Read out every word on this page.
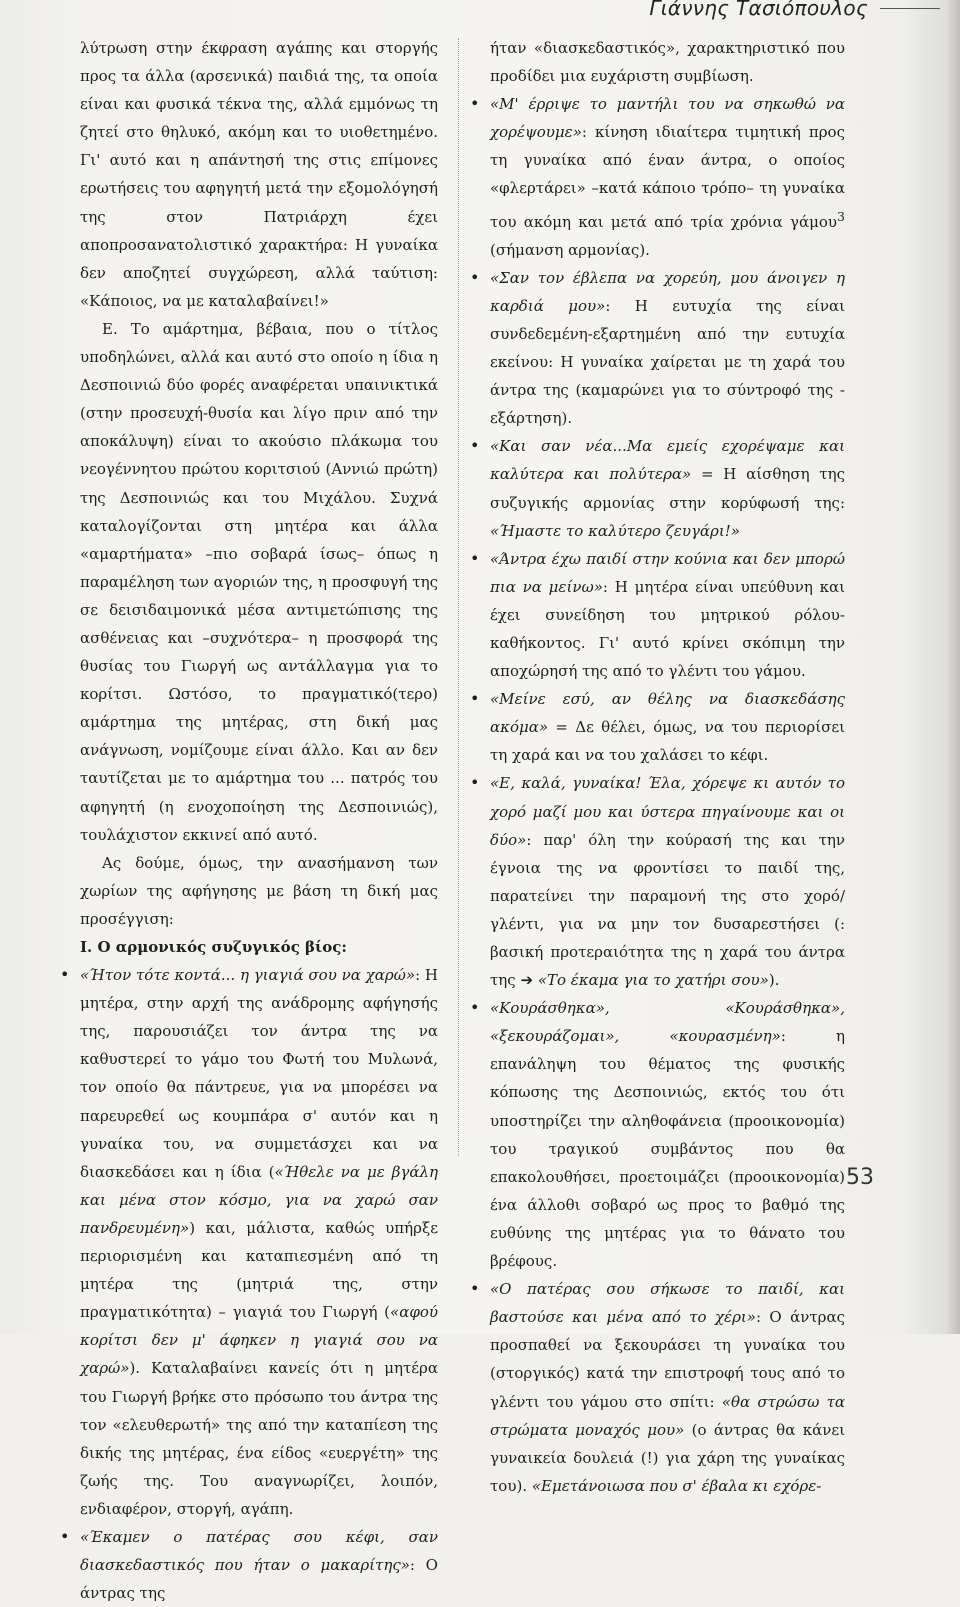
Γιάννης Τασιόπουλος

λύτρωση στην έκφραση αγάπης και στοργής προς τα άλλα (αρσενικά) παιδιά της, τα οποία είναι και φυσικά τέκνα της, αλλά εμμόνως τη ζητεί στο θηλυκό, ακόμη και το υιοθετημένο. Γι' αυτό και η απάντησή της στις επίμονες ερωτήσεις του αφηγητή μετά την εξομολόγησή της στον Πατριάρχη έχει αποπροσανατολιστικό χαρακτήρα: Η γυναίκα δεν αποζητεί συγχώρεση, αλλά ταύτιση: «Κάποιος, να με καταλαβαίνει!»

Ε. Το αμάρτημα, βέβαια, που ο τίτλος υποδηλώνει, αλλά και αυτό στο οποίο η ίδια η Δεσποινιώ δύο φορές αναφέρεται υπαινικτικά (στην προσευχή-θυσία και λίγο πριν από την αποκάλυψη) είναι το ακούσιο πλάκωμα του νεογέννητου πρώτου κοριτσιού (Αννιώ πρώτη) της Δεσποινιώς και του Μιχάλου. Συχνά καταλογίζονται στη μητέρα και άλλα «αμαρτήματα» –πιο σοβαρά ίσως– όπως η παραμέληση των αγοριών της, η προσφυγή της σε δεισιδαιμονικά μέσα αντιμετώπισης της ασθένειας και –συχνότερα– η προσφορά της θυσίας του Γιωργή ως αντάλλαγμα για το κορίτσι. Ωστόσο, το πραγματικό(τερο) αμάρτημα της μητέρας, στη δική μας ανάγνωση, νομίζουμε είναι άλλο. Και αν δεν ταυτίζεται με το αμάρτημα του ... πατρός του αφηγητή (η ενοχοποίηση της Δεσποινιώς), τουλάχιστον εκκινεί από αυτό.

Ας δούμε, όμως, την ανασήμανση των χωρίων της αφήγησης με βάση τη δική μας προσέγγιση:

Ι. Ο αρμονικός συζυγικός βίος:
• «Ήτον τότε κοντά... η γιαγιά σου να χαρώ»: Η μητέρα, στην αρχή της ανάδρομης αφήγησής της, παρουσιάζει τον άντρα της να καθυστερεί το γάμο του Φωτή του Μυλωνά, τον οποίο θα πάντρευε, για να μπορέσει να παρευρεθεί ως κουμπάρα σ' αυτόν και η γυναίκα του, να συμμετάσχει και να διασκεδάσει και η ίδια («Ήθελε να με βγάλη και μένα στον κόσμο, για να χαρώ σαν πανδρευμένη») και, μάλιστα, καθώς υπήρξε περιορισμένη και καταπιεσμένη από τη μητέρα της (μητριά της, στην πραγματικότητα) – γιαγιά του Γιωργή («αφού κορίτσι δεν μ' άφηκεν η γιαγιά σου να χαρώ»). Καταλαβαίνει κανείς ότι η μητέρα του Γιωργή βρήκε στο πρόσωπο του άντρα της τον «ελευθερωτή» της από την καταπίεση της δικής της μητέρας, ένα είδος «ευεργέτη» της ζωής της. Του αναγνωρίζει, λοιπόν, ενδιαφέρον, στοργή, αγάπη.
• «Έκαμεν ο πατέρας σου κέφι, σαν διασκεδαστικός που ήταν ο μακαρίτης»: Ο άντρας της

ήταν «διασκεδαστικός», χαρακτηριστικό που προδίδει μια ευχάριστη συμβίωση.

• «Μ' έρριψε το μαντήλι του να σηκωθώ να χορέψουμε»: κίνηση ιδιαίτερα τιμητική προς τη γυναίκα από έναν άντρα, ο οποίος «φλερτάρει» –κατά κάποιο τρόπο– τη γυναίκα του ακόμη και μετά από τρία χρόνια γάμου$^3$ (σήμανση αρμονίας).
• «Σαν τον έβλεπα να χορεύη, μου άνοιγεν η καρδιά μου»: Η ευτυχία της είναι συνδεδεμένη-εξαρτημένη από την ευτυχία εκείνου: Η γυναίκα χαίρεται με τη χαρά του άντρα της (καμαρώνει για το σύντροφό της - εξάρτηση).
• «Και σαν νέα...Μα εμείς εχορέψαμε και καλύτερα και πολύτερα» = Η αίσθηση της συζυγικής αρμονίας στην κορύφωσή της: «Ήμαστε το καλύτερο ζευγάρι!»
• «Άντρα έχω παιδί στην κούνια και δεν μπορώ πια να μείνω»: Η μητέρα είναι υπεύθυνη και έχει συνείδηση του μητρικού ρόλου-καθήκοντος. Γι' αυτό κρίνει σκόπιμη την αποχώρησή της από το γλέντι του γάμου.
• «Μείνε εσύ, αν θέλης να διασκεδάσης ακόμα» = Δε θέλει, όμως, να του περιορίσει τη χαρά και να του χαλάσει το κέφι.
• «Ε, καλά, γυναίκα! Έλα, χόρεψε κι αυτόν το χορό μαζί μου και ύστερα πηγαίνουμε και οι δύο»: παρ' όλη την κούρασή της και την έγνοια της να φροντίσει το παιδί της, παρατείνει την παραμονή της στο χορό/γλέντι, για να μην τον δυσαρεστήσει (: βασική προτεραιότητα της η χαρά του άντρα της ➔ «Το έκαμα για το χατήρι σου»).
• «Κουράσθηκα», «Κουράσθηκα», «ξεκουράζομαι», «κουρασμένη»: η επανάληψη του θέματος της φυσικής κόπωσης της Δεσποινιώς, εκτός του ότι υποστηρίζει την αληθοφάνεια (προοικονομία) του τραγικού συμβάντος που θα επακολουθήσει, προετοιμάζει (προοικονομία) ένα άλλοθι σοβαρό ως προς το βαθμό της ευθύνης της μητέρας για το θάνατο του βρέφους.
• «Ο πατέρας σου σήκωσε το παιδί, και βαστούσε και μένα από το χέρι»: Ο άντρας προσπαθεί να ξεκουράσει τη γυναίκα του (στοργικός) κατά την επιστροφή τους από το γλέντι του γάμου στο σπίτι: «θα στρώσω τα στρώματα μοναχός μου» (ο άντρας θα κάνει γυναικεία δουλειά (!) για χάρη της γυναίκας του). «Εμετάνοιωσα που σ' έβαλα κι εχόρε-
53
